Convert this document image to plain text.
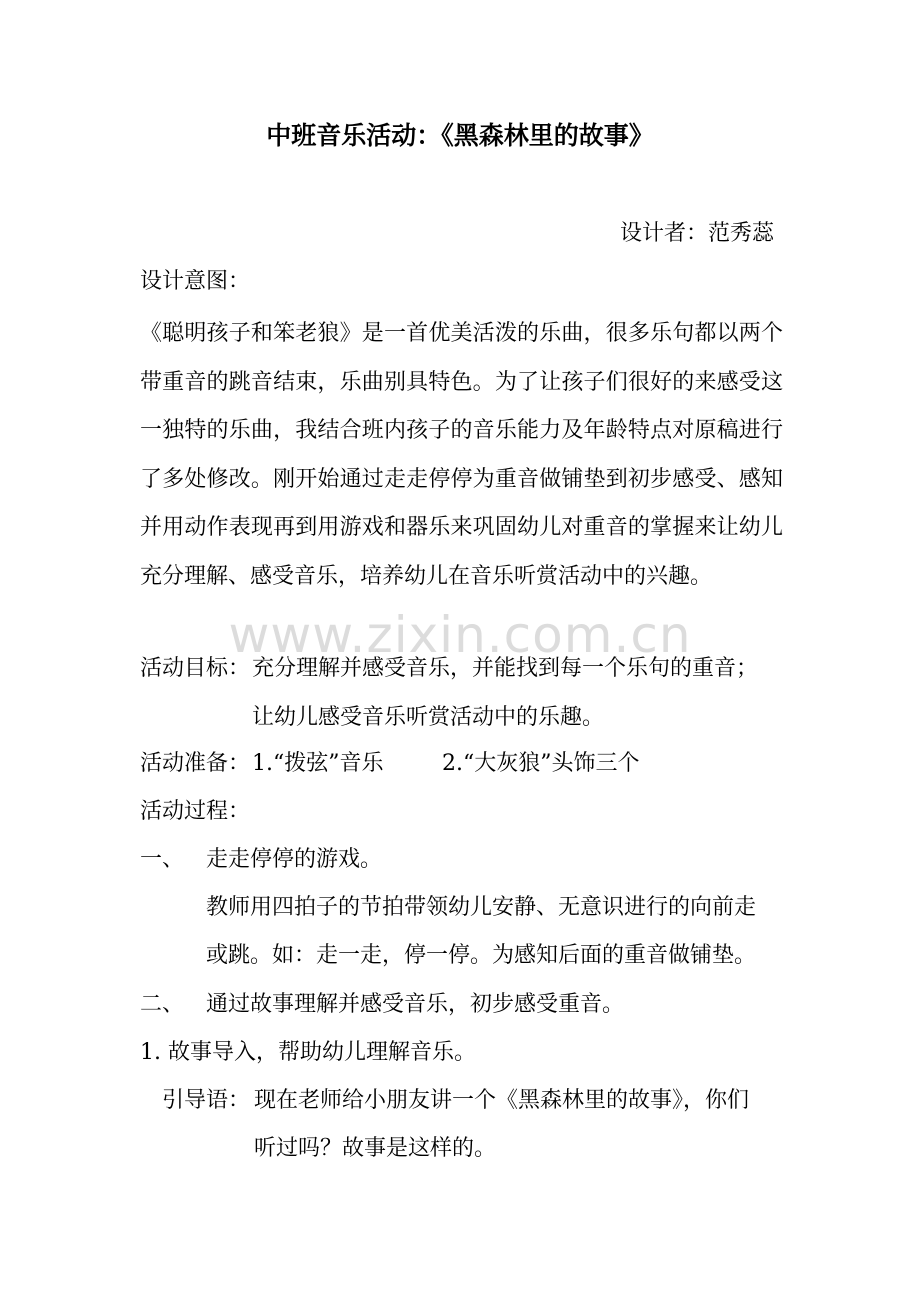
中班音乐活动：《黑森林里的故事》
设计者：范秀蕊
设计意图：
《聪明孩子和笨老狼》是一首优美活泼的乐曲，很多乐句都以两个带重音的跳音结束，乐曲别具特色。为了让孩子们很好的来感受这一独特的乐曲，我结合班内孩子的音乐能力及年龄特点对原稿进行了多处修改。刚开始通过走走停停为重音做铺垫到初步感受、感知并用动作表现再到用游戏和器乐来巩固幼儿对重音的掌握来让幼儿充分理解、感受音乐，培养幼儿在音乐听赏活动中的兴趣。
www.zixin.com.cn
活动目标： 充分理解并感受音乐，并能找到每一个乐句的重音；
让幼儿感受音乐听赏活动中的乐趣。
活动准备： 1.“拨弦”音乐	2.“大灰狼”头饰三个
活动过程：
一、 走走停停的游戏。
教师用四拍子的节拍带领幼儿安静、无意识进行的向前走
或跳。如：走一走，停一停。为感知后面的重音做铺垫。
二、 通过故事理解并感受音乐，初步感受重音。
1. 故事导入，帮助幼儿理解音乐。
引导语： 现在老师给小朋友讲一个《黑森林里的故事》，你们
听过吗？故事是这样的。
